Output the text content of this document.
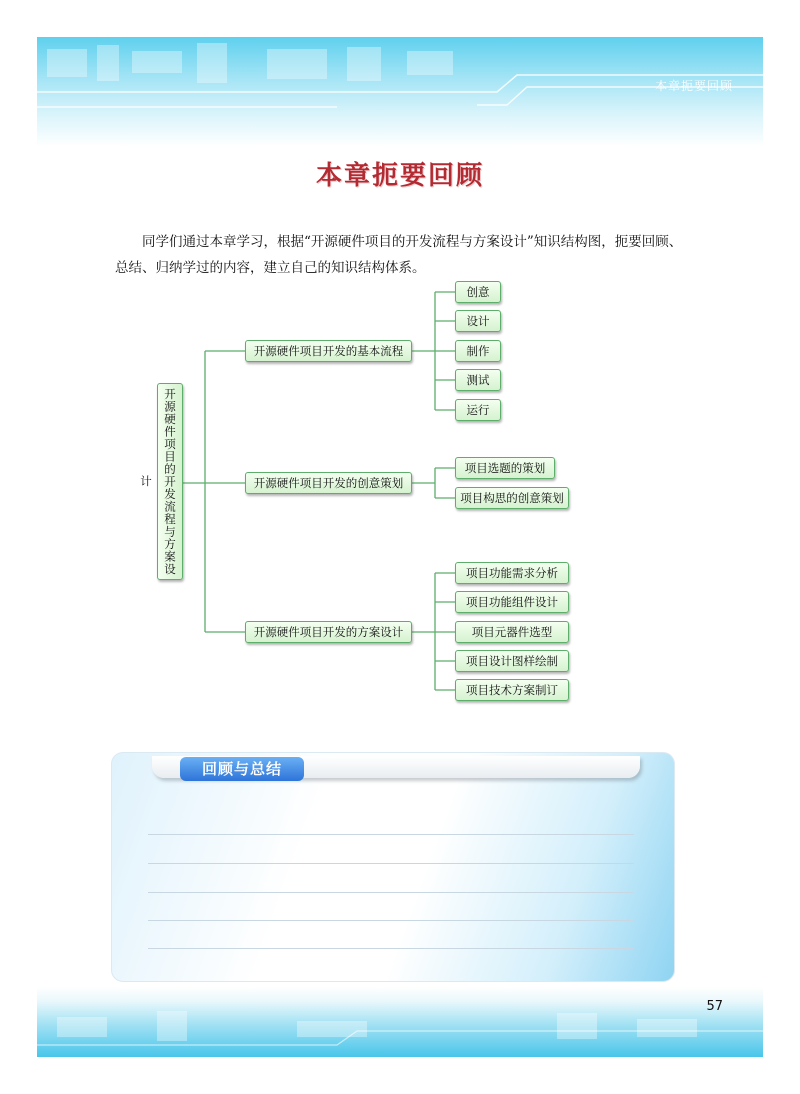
本章扼要回顾
本章扼要回顾

同学们通过本章学习，根据“开源硬件项目的开发流程与方案设计”知识结构图，扼要回顾、总结、归纳学过的内容，建立自己的知识结构体系。

开源硬件项目的开发流程与方案设计
开源硬件项目开发的基本流程
开源硬件项目开发的创意策划
开源硬件项目开发的方案设计
创意
设计
制作
测试
运行
项目选题的策划
项目构思的创意策划
项目功能需求分析
项目功能组件设计
项目元器件选型
项目设计图样绘制
项目技术方案制订
回顾与总结
57
